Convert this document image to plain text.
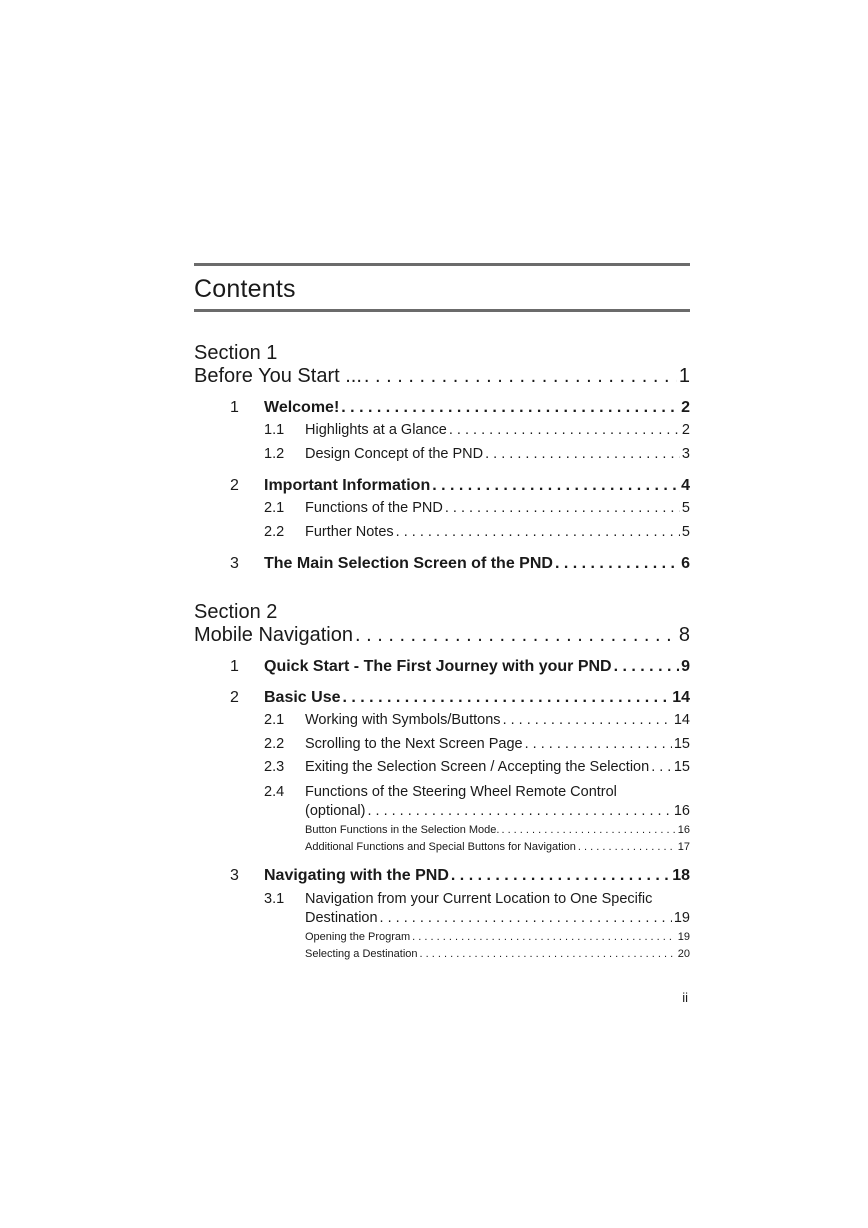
Contents
Section 1
Before You Start ... . . .	1
1	Welcome! . . .	2
1.1	Highlights at a Glance . . .	2
1.2	Design Concept of the PND . . .	3
2	Important Information . . .	4
2.1	Functions of the PND . . .	5
2.2	Further Notes . . .	5
3	The Main Selection Screen of the PND . . .	6
Section 2
Mobile Navigation . . .	8
1	Quick Start - The First Journey with your PND . . .	9
2	Basic Use . . .	14
2.1	Working with Symbols/Buttons . . .	14
2.2	Scrolling to the Next Screen Page . . .	15
2.3	Exiting the Selection Screen / Accepting the Selection . . . 15
2.4	Functions of the Steering Wheel Remote Control
(optional) . . .	16
Button Functions in the Selection Mode. . . .	16
Additional Functions and Special Buttons for Navigation . . .	17
3	Navigating with the PND . . .	18
3.1	Navigation from your Current Location to One Specific
Destination . . .	19
Opening the Program . . .	19
Selecting a Destination . . .	20
ii
